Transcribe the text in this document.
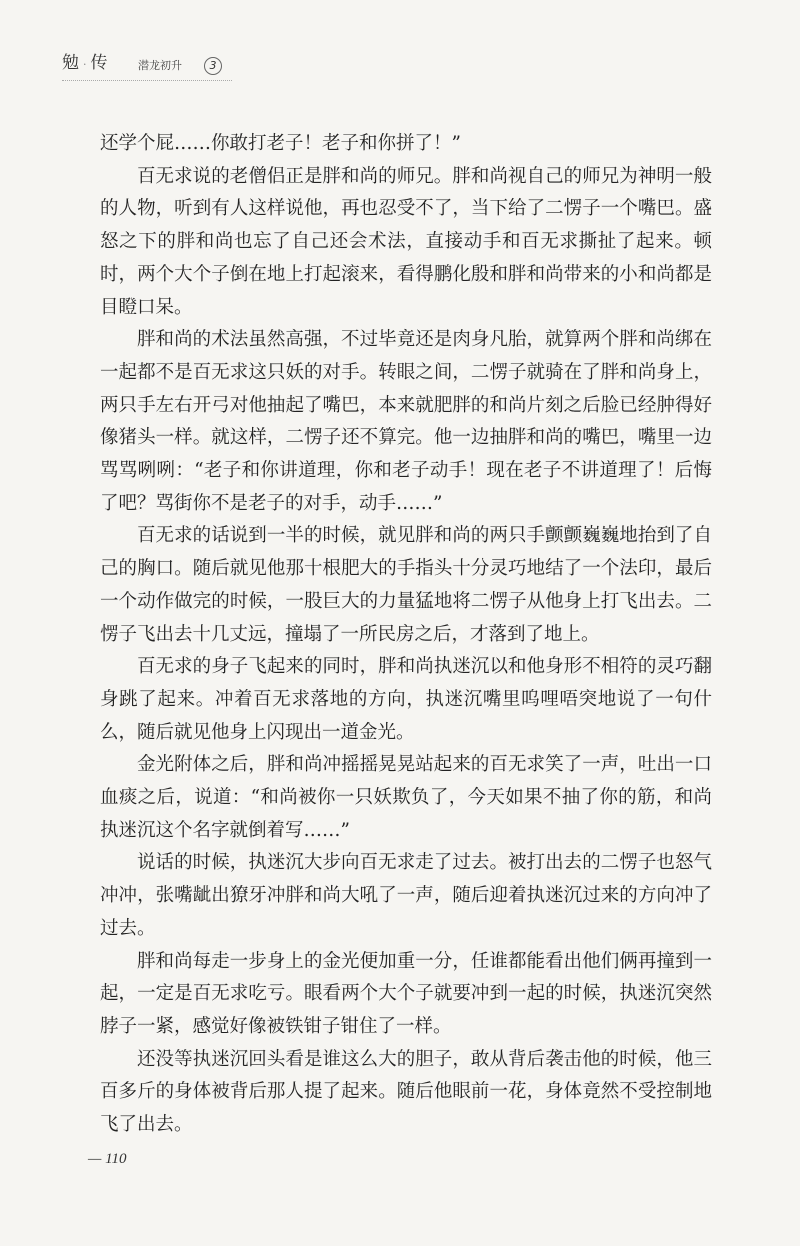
勉 · 传	潜龙初升	3

还学个屁……你敢打老子！老子和你拼了！”

百无求说的老僧侣正是胖和尚的师兄。胖和尚视自己的师兄为神明一般的人物，听到有人这样说他，再也忍受不了，当下给了二愣子一个嘴巴。盛怒之下的胖和尚也忘了自己还会术法，直接动手和百无求撕扯了起来。顿时，两个大个子倒在地上打起滚来，看得鹏化殷和胖和尚带来的小和尚都是目瞪口呆。

胖和尚的术法虽然高强，不过毕竟还是肉身凡胎，就算两个胖和尚绑在一起都不是百无求这只妖的对手。转眼之间，二愣子就骑在了胖和尚身上，两只手左右开弓对他抽起了嘴巴，本来就肥胖的和尚片刻之后脸已经肿得好像猪头一样。就这样，二愣子还不算完。他一边抽胖和尚的嘴巴，嘴里一边骂骂咧咧：“老子和你讲道理，你和老子动手！现在老子不讲道理了！后悔了吧？骂街你不是老子的对手，动手……”

百无求的话说到一半的时候，就见胖和尚的两只手颤颤巍巍地抬到了自己的胸口。随后就见他那十根肥大的手指头十分灵巧地结了一个法印，最后一个动作做完的时候，一股巨大的力量猛地将二愣子从他身上打飞出去。二愣子飞出去十几丈远，撞塌了一所民房之后，才落到了地上。

百无求的身子飞起来的同时，胖和尚执迷沉以和他身形不相符的灵巧翻身跳了起来。冲着百无求落地的方向，执迷沉嘴里呜哩唔突地说了一句什么，随后就见他身上闪现出一道金光。

金光附体之后，胖和尚冲摇摇晃晃站起来的百无求笑了一声，吐出一口血痰之后，说道：“和尚被你一只妖欺负了，今天如果不抽了你的筋，和尚执迷沉这个名字就倒着写……”

说话的时候，执迷沉大步向百无求走了过去。被打出去的二愣子也怒气冲冲，张嘴龇出獠牙冲胖和尚大吼了一声，随后迎着执迷沉过来的方向冲了过去。

胖和尚每走一步身上的金光便加重一分，任谁都能看出他们俩再撞到一起，一定是百无求吃亏。眼看两个大个子就要冲到一起的时候，执迷沉突然脖子一紧，感觉好像被铁钳子钳住了一样。

还没等执迷沉回头看是谁这么大的胆子，敢从背后袭击他的时候，他三百多斤的身体被背后那人提了起来。随后他眼前一花，身体竟然不受控制地飞了出去。

— 110
